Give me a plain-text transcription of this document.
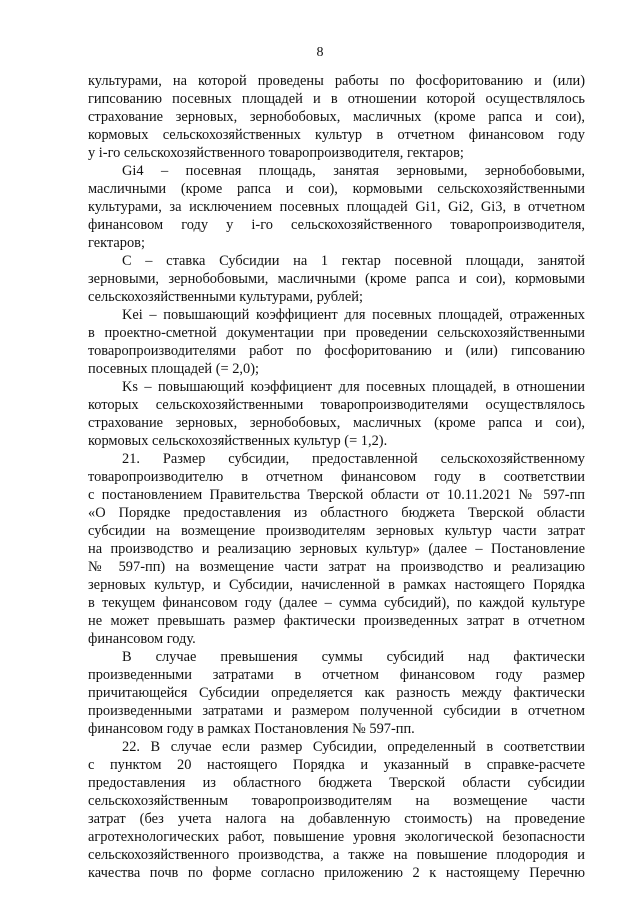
8
культурами, на которой проведены работы по фосфоритованию и (или)
гипсованию посевных площадей и в отношении которой осуществлялось
страхование зерновых, зернобобовых, масличных (кроме рапса и сои),
кормовых сельскохозяйственных культур в отчетном финансовом году
у i-го сельскохозяйственного товаропроизводителя, гектаров;
Gi4 – посевная площадь, занятая зерновыми, зернобобовыми,
масличными (кроме рапса и сои), кормовыми сельскохозяйственными
культурами, за исключением посевных площадей Gi1, Gi2, Gi3, в отчетном
финансовом году у i-го сельскохозяйственного товаропроизводителя,
гектаров;
С – ставка Субсидии на 1 гектар посевной площади, занятой
зерновыми, зернобобовыми, масличными (кроме рапса и сои), кормовыми
сельскохозяйственными культурами, рублей;
Kei – повышающий коэффициент для посевных площадей, отраженных
в проектно-сметной документации при проведении сельскохозяйственными
товаропроизводителями работ по фосфоритованию и (или) гипсованию
посевных площадей (= 2,0);
Ks – повышающий коэффициент для посевных площадей, в отношении
которых сельскохозяйственными товаропроизводителями осуществлялось
страхование зерновых, зернобобовых, масличных (кроме рапса и сои),
кормовых сельскохозяйственных культур (= 1,2).
21. Размер субсидии, предоставленной сельскохозяйственному
товаропроизводителю в отчетном финансовом году в соответствии
с постановлением Правительства Тверской области от 10.11.2021 № 597-пп
«О Порядке предоставления из областного бюджета Тверской области
субсидии на возмещение производителям зерновых культур части затрат
на производство и реализацию зерновых культур» (далее – Постановление
№ 597-пп) на возмещение части затрат на производство и реализацию
зерновых культур, и Субсидии, начисленной в рамках настоящего Порядка
в текущем финансовом году (далее – сумма субсидий), по каждой культуре
не может превышать размер фактически произведенных затрат в отчетном
финансовом году.
В случае превышения суммы субсидий над фактически
произведенными затратами в отчетном финансовом году размер
причитающейся Субсидии определяется как разность между фактически
произведенными затратами и размером полученной субсидии в отчетном
финансовом году в рамках Постановления № 597-пп.
22. В случае если размер Субсидии, определенный в соответствии
с пунктом 20 настоящего Порядка и указанный в справке-расчете
предоставления из областного бюджета Тверской области субсидии
сельскохозяйственным товаропроизводителям на возмещение части
затрат (без учета налога на добавленную стоимость) на проведение
агротехнологических работ, повышение уровня экологической безопасности
сельскохозяйственного производства, а также на повышение плодородия и
качества почв по форме согласно приложению 2 к настоящему Перечню
